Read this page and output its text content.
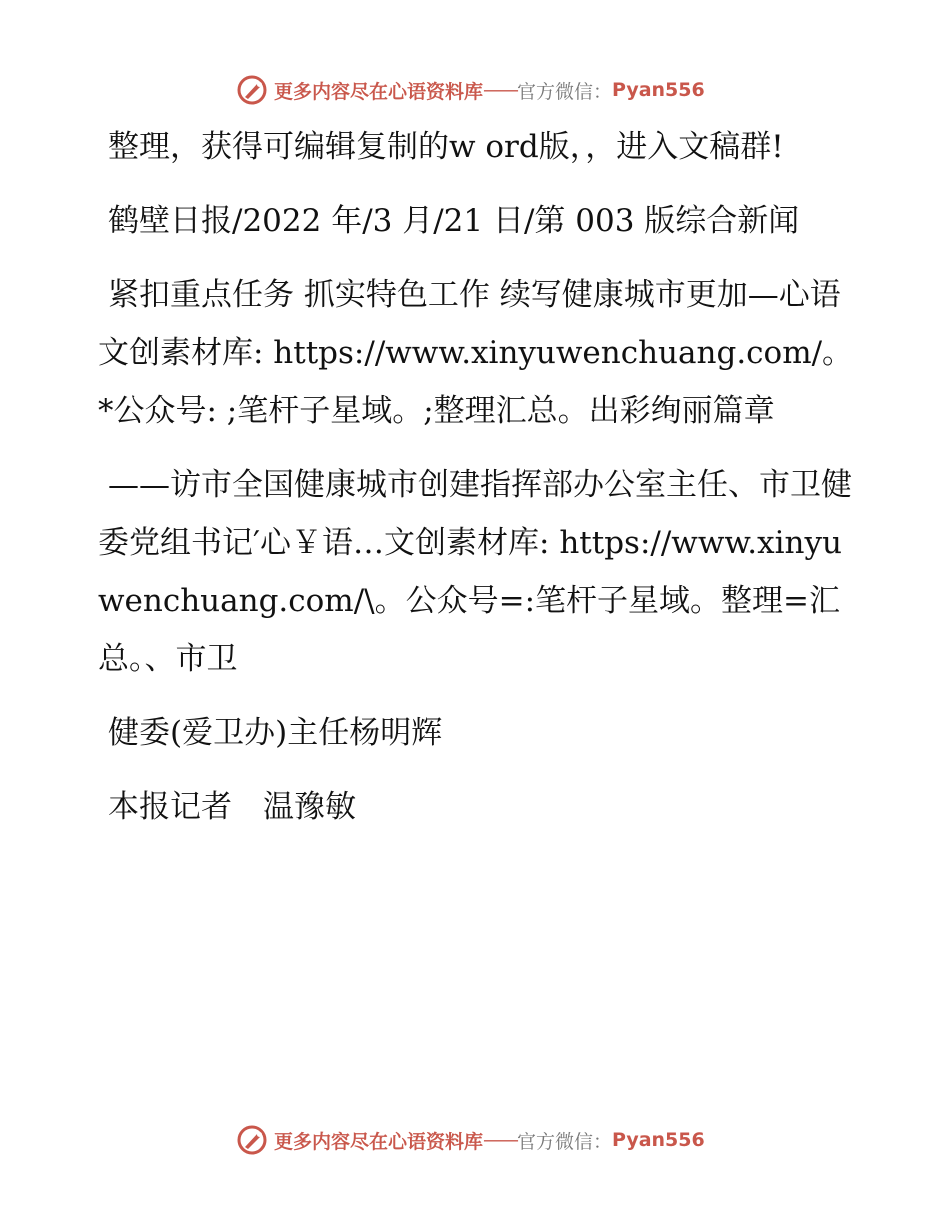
更多内容尽在心语资料库 —— 官方微信 ： Pyan556

整理，获得可编辑复制的w ord版，，进入文稿群!

鹤壁日报/2022 年/3 月/21 日/第 003 版综合新闻

紧扣重点任务 抓实特色工作 续写健康城市更加—心语文创素材库: https://www.xinyuwenchuang.com/。*公众号: ;笔杆子星域。;整理汇总。出彩绚丽篇章

——访市全国健康城市创建指挥部办公室主任、市卫健委党组书记′心￥语…文创素材库: https://www.xinyuwenchuang.com/\。公众号=:笔杆子星域。整理=汇总。、市卫

健委(爱卫办)主任杨明辉

本报记者　温豫敏

更多内容尽在心语资料库 —— 官方微信 ： Pyan556
